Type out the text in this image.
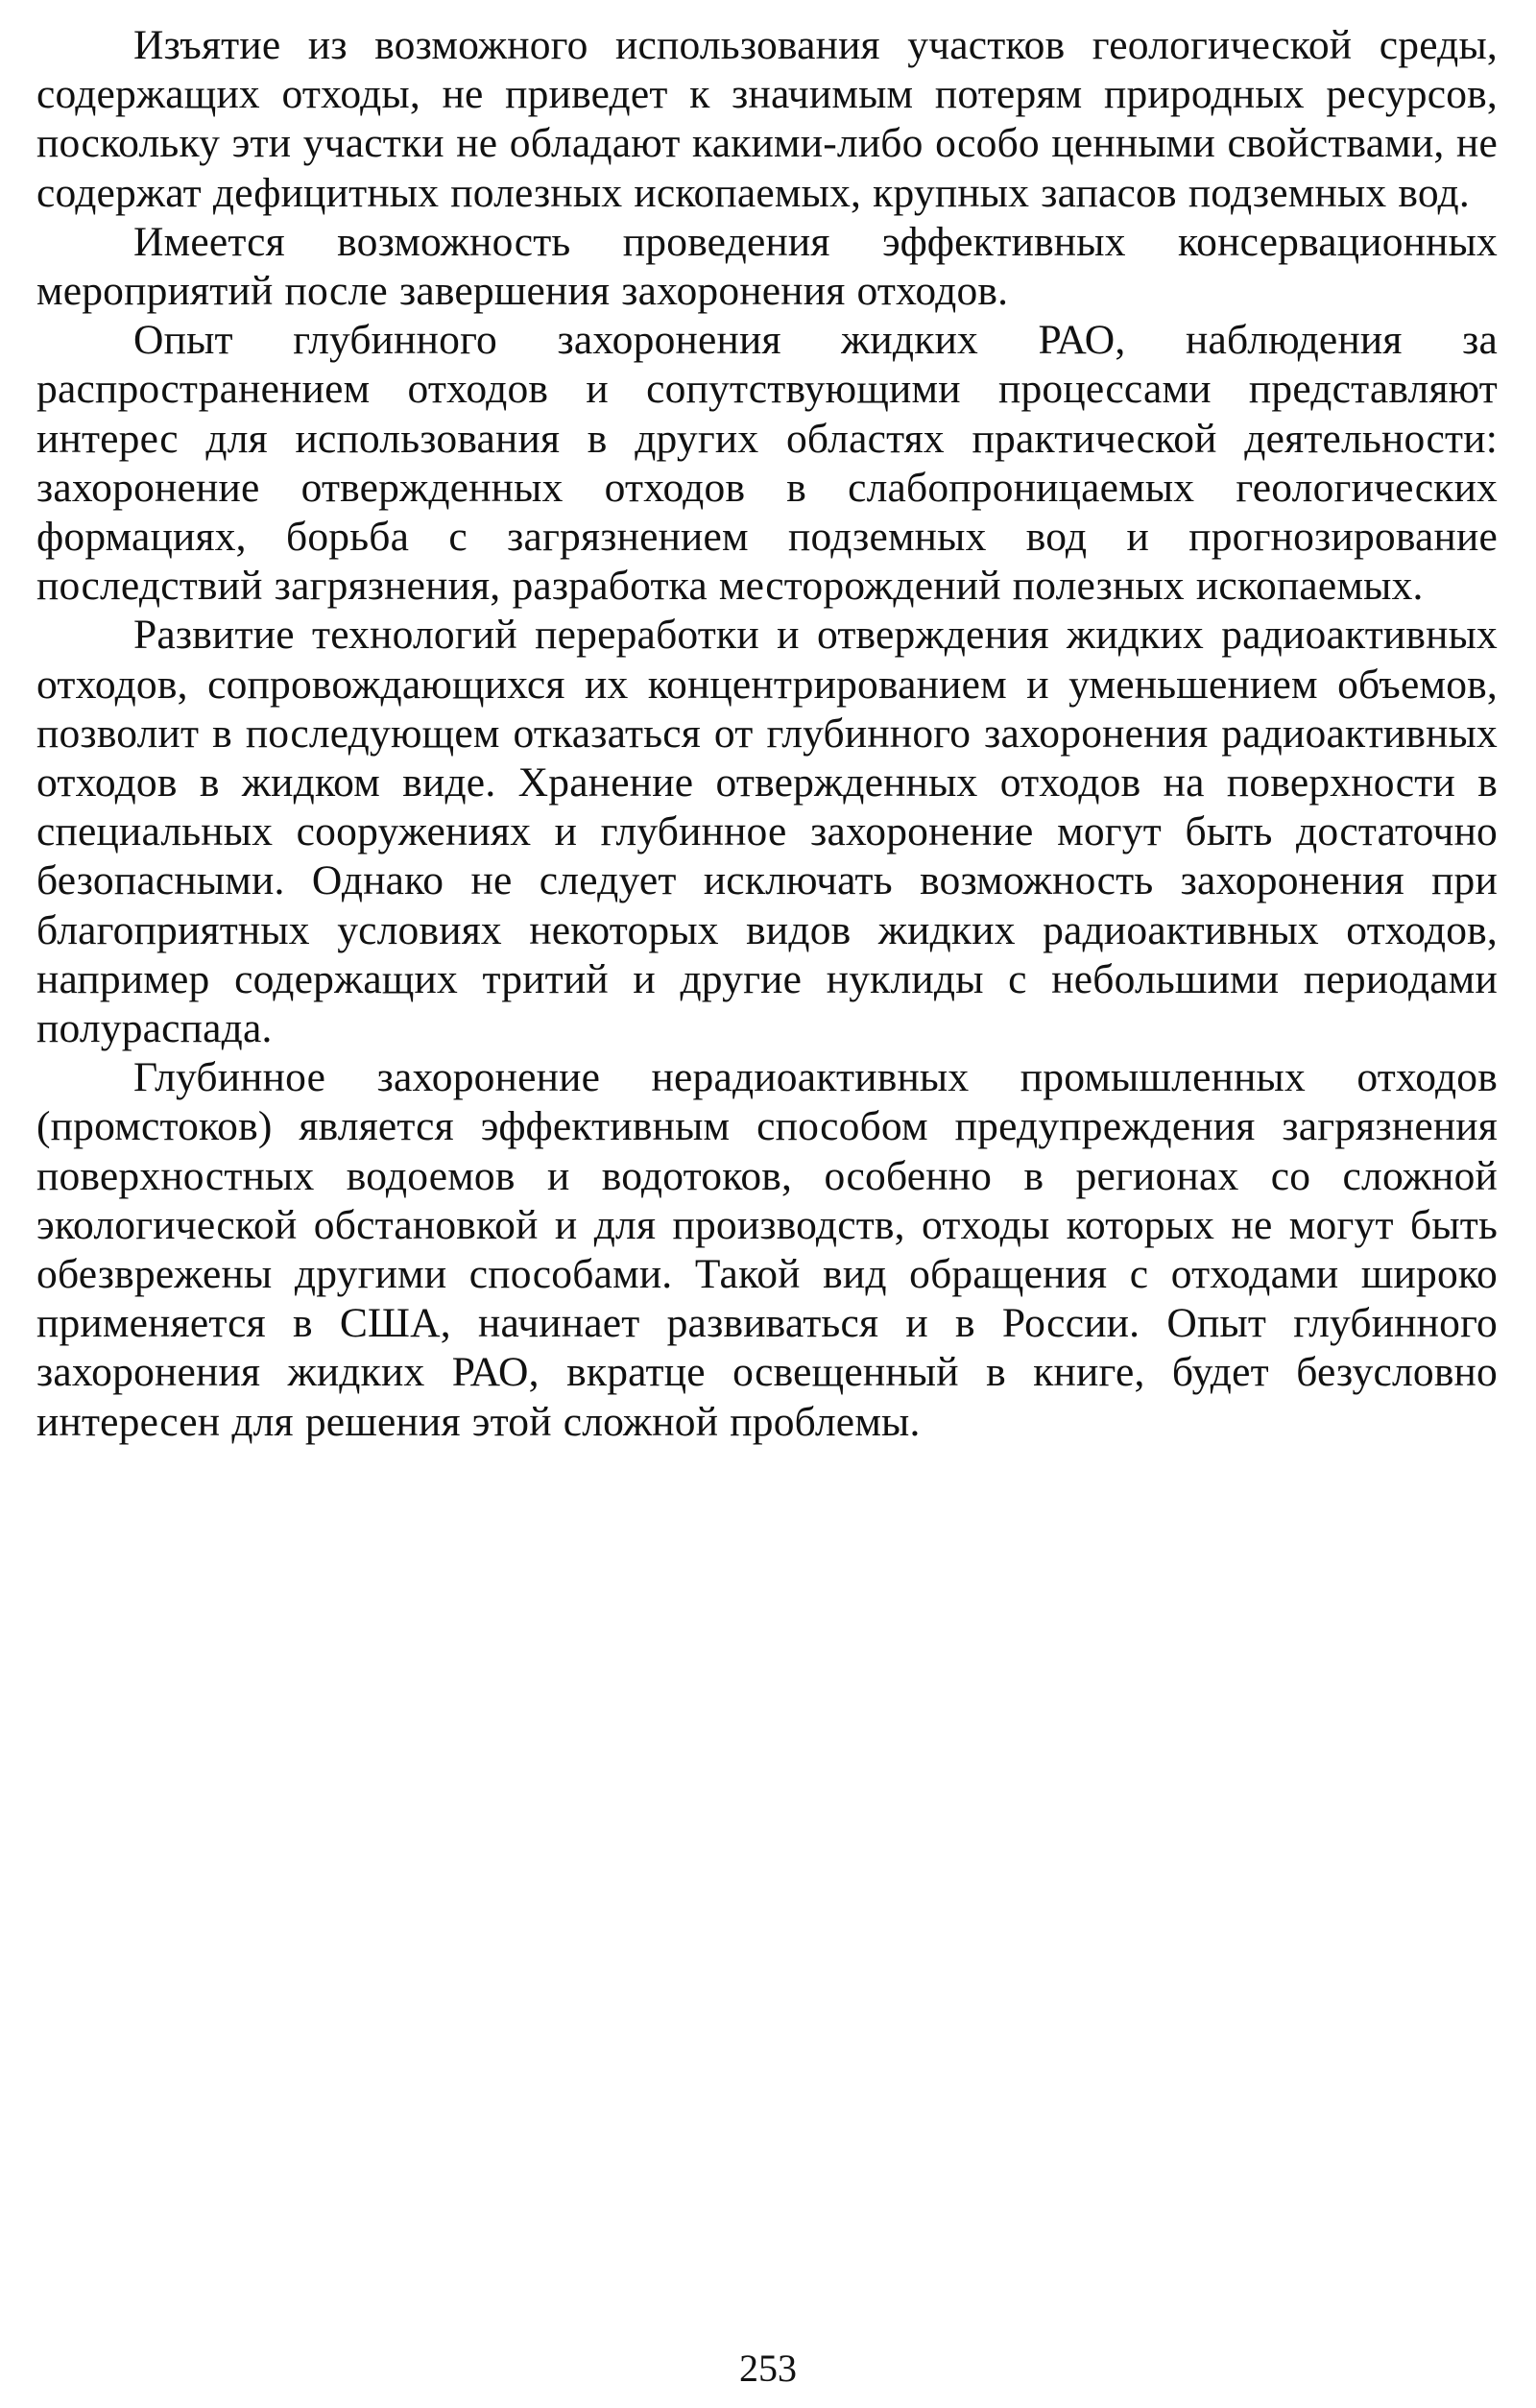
Изъятие из возможного использования участков геологической среды, содержащих отходы, не приведет к значимым потерям природных ресурсов, поскольку эти участки не обладают какими-либо особо ценными свойствами, не содержат дефицитных полезных ископаемых, крупных запасов подземных вод.

Имеется возможность проведения эффективных консервационных мероприятий после завершения захоронения отходов.

Опыт глубинного захоронения жидких РАО, наблюдения за распространением отходов и сопутствующими процессами представляют интерес для использования в других областях практической деятельности: захоронение отвержденных отходов в слабопроницаемых геологических формациях, борьба с загрязнением подземных вод и прогнозирование последствий загрязнения, разработка месторождений полезных ископаемых.

Развитие технологий переработки и отверждения жидких радиоактивных отходов, сопровождающихся их концентрированием и уменьшением объемов, позволит в последующем отказаться от глубинного захоронения радиоактивных отходов в жидком виде. Хранение отвержденных отходов на поверхности в специальных сооружениях и глубинное захоронение могут быть достаточно безопасными. Однако не следует исключать возможность захоронения при благоприятных условиях некоторых видов жидких радиоактивных отходов, например содержащих тритий и другие нуклиды с небольшими периодами полураспада.

Глубинное захоронение нерадиоактивных промышленных отходов (промстоков) является эффективным способом предупреждения загрязнения поверхностных водоемов и водотоков, особенно в регионах со сложной экологической обстановкой и для производств, отходы которых не могут быть обезврежены другими способами. Такой вид обращения с отходами широко применяется в США, начинает развиваться и в России. Опыт глубинного захоронения жидких РАО, вкратце освещенный в книге, будет безусловно интересен для решения этой сложной проблемы.

253
